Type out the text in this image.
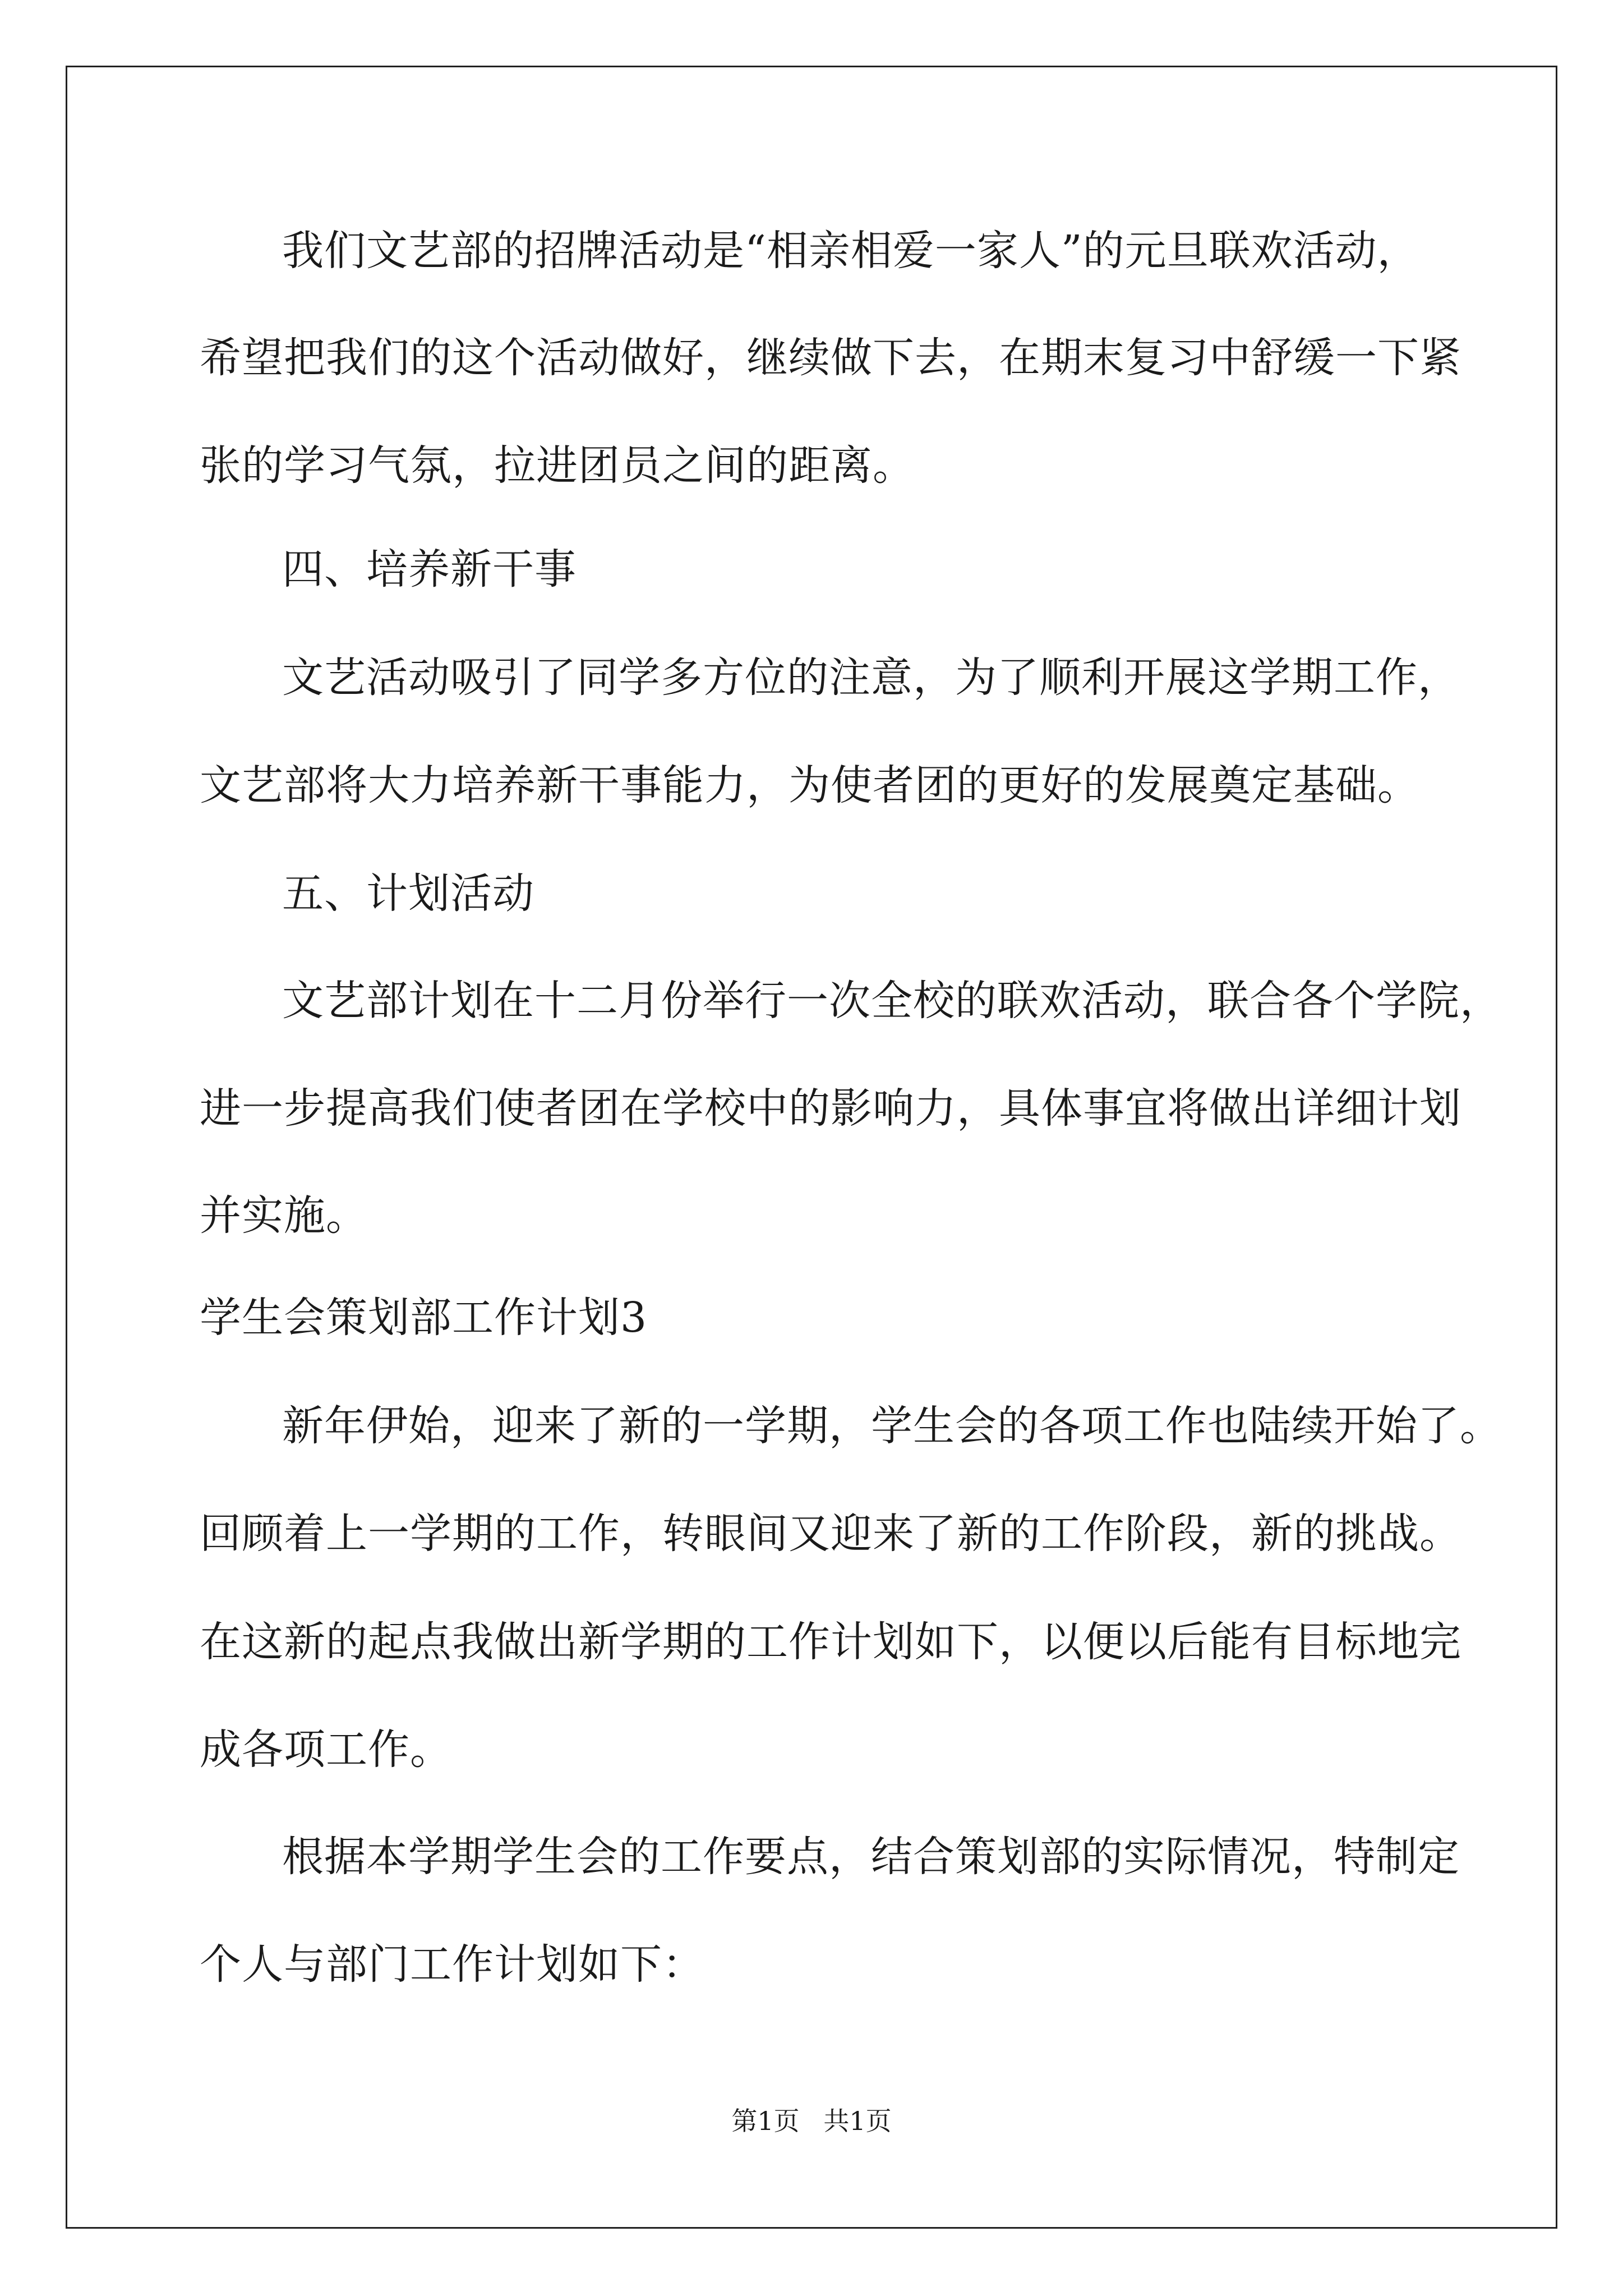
我们文艺部的招牌活动是“相亲相爱一家人”的元旦联欢活动，
希望把我们的这个活动做好，继续做下去，在期末复习中舒缓一下紧
张的学习气氛，拉进团员之间的距离。
四、培养新干事
文艺活动吸引了同学多方位的注意，为了顺利开展这学期工作，
文艺部将大力培养新干事能力，为使者团的更好的发展奠定基础。
五、计划活动
文艺部计划在十二月份举行一次全校的联欢活动，联合各个学院，
进一步提高我们使者团在学校中的影响力，具体事宜将做出详细计划
并实施。
学生会策划部工作计划3
新年伊始，迎来了新的一学期，学生会的各项工作也陆续开始了。
回顾着上一学期的工作，转眼间又迎来了新的工作阶段，新的挑战。
在这新的起点我做出新学期的工作计划如下，以便以后能有目标地完
成各项工作。
根据本学期学生会的工作要点，结合策划部的实际情况，特制定
个人与部门工作计划如下：
第1页 共1页
